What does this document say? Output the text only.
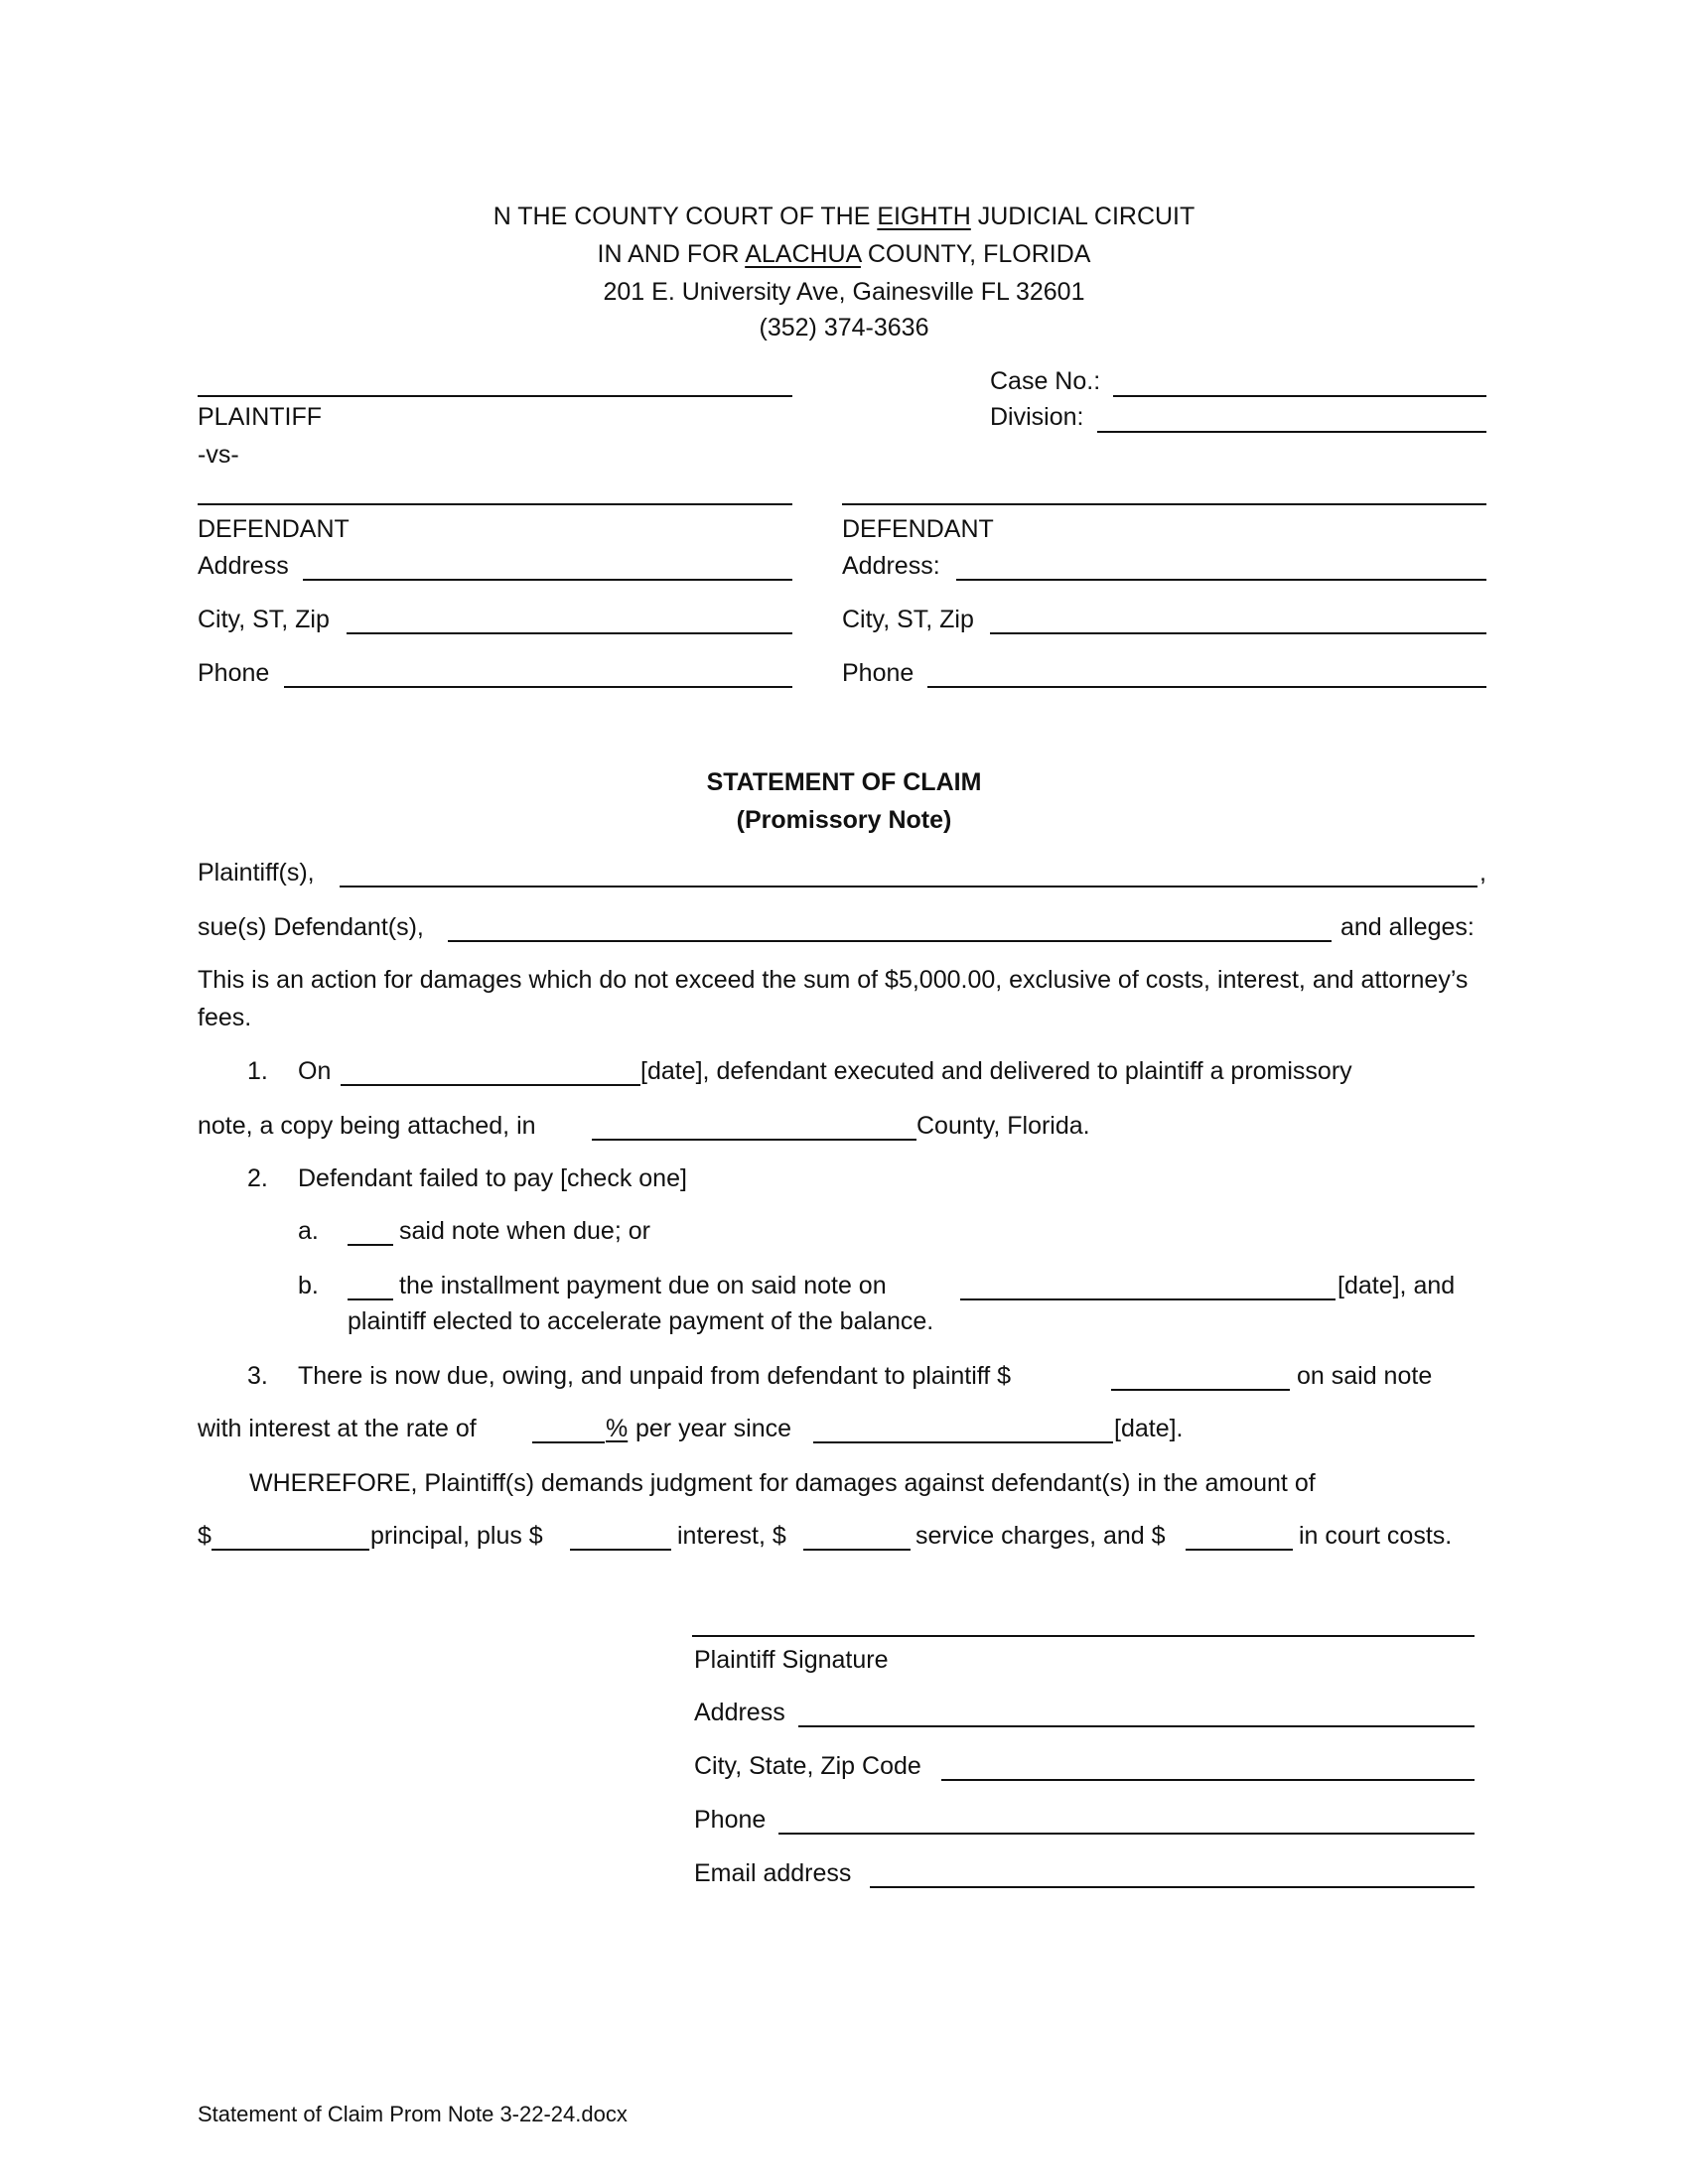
N THE COUNTY COURT OF THE EIGHTH JUDICIAL CIRCUIT
IN AND FOR ALACHUA COUNTY, FLORIDA
201 E. University Ave, Gainesville FL 32601
(352) 374-3636
PLAINTIFF
-vs-
Case No.:
Division:
DEFENDANT
Address
City, ST, Zip
Phone
DEFENDANT
Address:
City, ST, Zip
Phone
STATEMENT OF CLAIM
(Promissory Note)
Plaintiff(s),	,
sue(s) Defendant(s),	and alleges:
This is an action for damages which do not exceed the sum of $5,000.00, exclusive of costs, interest, and attorney’s fees.
1. On	[date], defendant executed and delivered to plaintiff a promissory
note, a copy being attached, in	County, Florida.
2. Defendant failed to pay [check one]
a.	said note when due; or
b.	the installment payment due on said note on	[date], and
plaintiff elected to accelerate payment of the balance.
3. There is now due, owing, and unpaid from defendant to plaintiff $	on said note
with interest at the rate of	% per year since	[date].
WHEREFORE, Plaintiff(s) demands judgment for damages against defendant(s) in the amount of
$	principal, plus $	interest, $	service charges, and $	in court costs.
Plaintiff Signature
Address
City, State, Zip Code
Phone
Email address
Statement of Claim Prom Note 3-22-24.docx
